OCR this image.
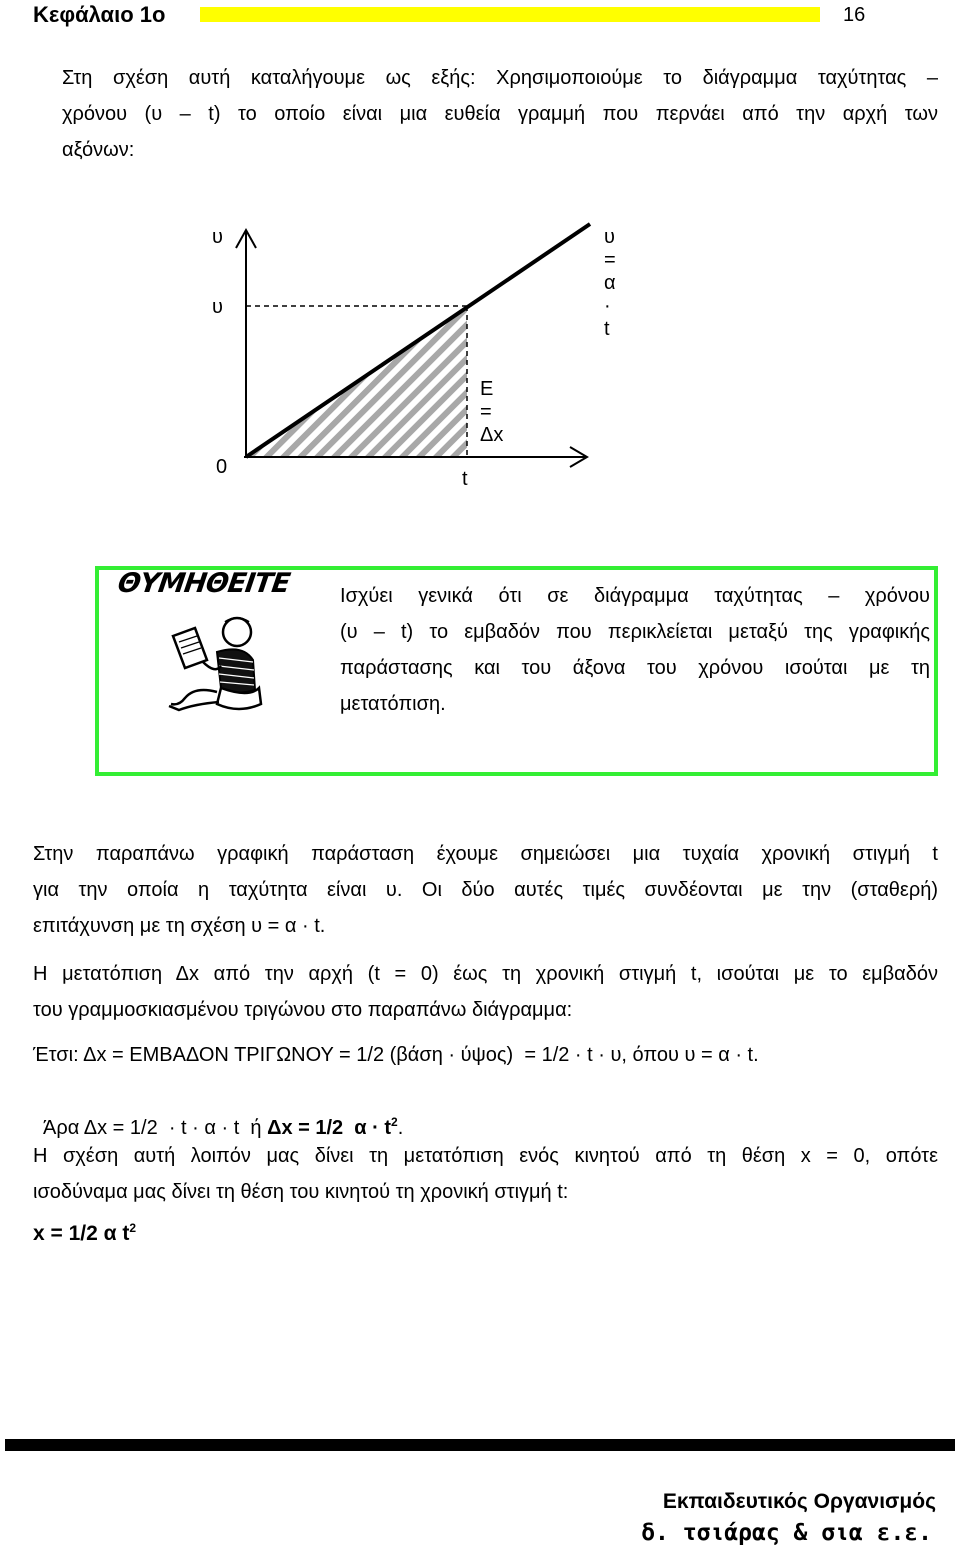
Κεφάλαιο 1ο	16
Στη σχέση αυτή καταλήγουμε ως εξής: Χρησιμοποιούμε το διάγραμμα ταχύτητας –
χρόνου (υ – t) το οποίο είναι μια ευθεία γραμμή που περνάει από την αρχή των
αξόνων:
υ
υ
υ = α · t
Ε = Δx
0
t
ΘΥΜΗΘΕΙΤΕ Ισχύει γενικά ότι σε διάγραμμα ταχύτητας – χρόνου
(υ – t) το εμβαδόν που περικλείεται μεταξύ της γραφικής
παράστασης και του άξονα του χρόνου ισούται με τη
μετατόπιση.
Στην παραπάνω γραφική παράσταση έχουμε σημειώσει μια τυχαία χρονική στιγμή t
για την οποία η ταχύτητα είναι υ. Οι δύο αυτές τιμές συνδέονται με την (σταθερή)
επιτάχυνση με τη σχέση υ = α · t.
Η μετατόπιση Δx από την αρχή (t = 0) έως τη χρονική στιγμή t, ισούται με το εμβαδόν
του γραμμοσκιασμένου τριγώνου στο παραπάνω διάγραμμα:
Έτσι: Δx = ΕΜΒΑΔΟΝ ΤΡΙΓΩΝΟΥ = 1/2 (βάση · ύψος)  = 1/2 · t · υ, όπου υ = α · t.

Άρα Δx = 1/2  · t · α · t  ή Δx = 1/2  $\alpha \cdot t^2$.

Η σχέση αυτή λοιπόν μας δίνει τη μετατόπιση ενός κινητού από τη θέση x = 0, οπότε
ισοδύναμα μας δίνει τη θέση του κινητού τη χρονική στιγμή t:
x = 1/2 α $t^2$
Εκπαιδευτικός Οργανισμός
δ. τσιάρας & σια ε.ε.
